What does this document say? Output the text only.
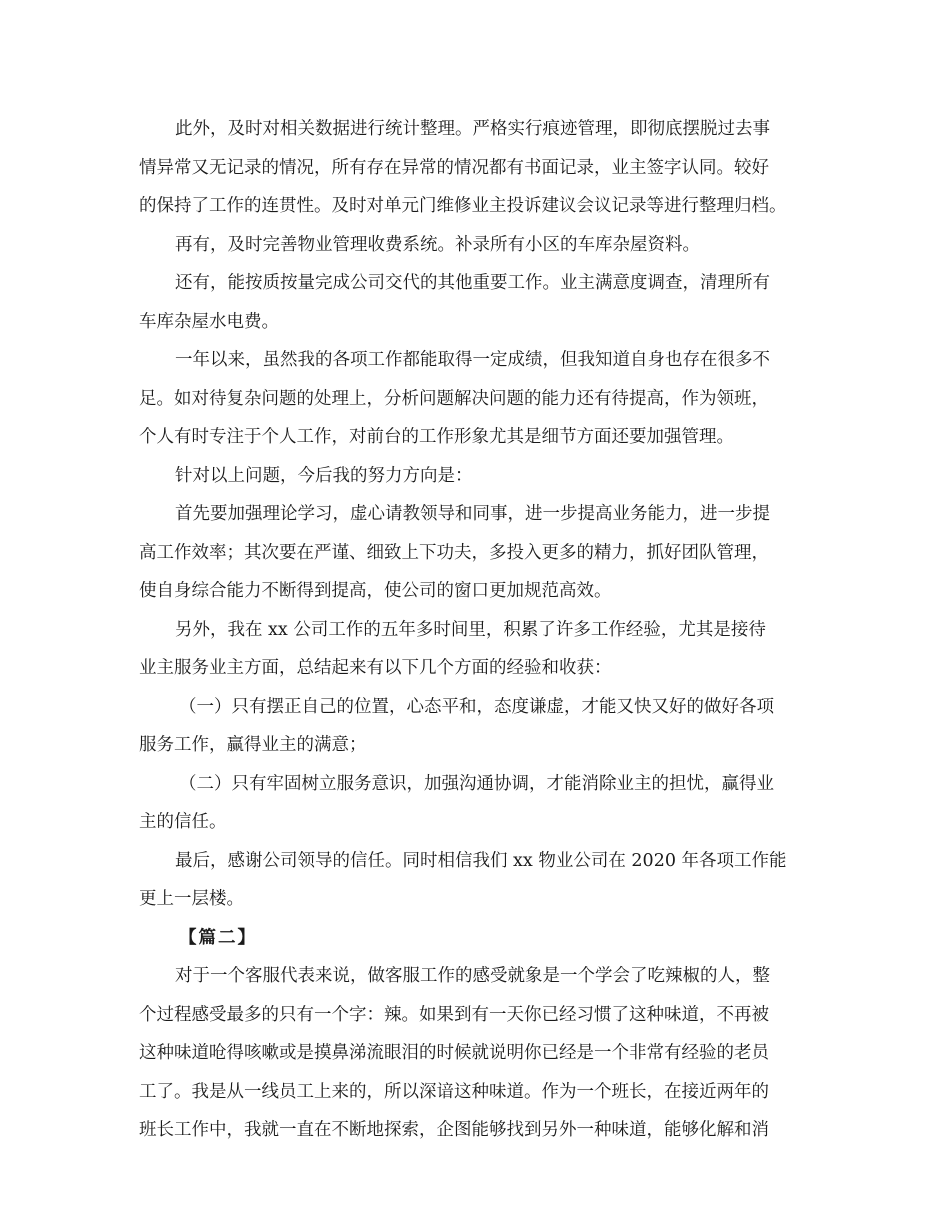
此外，及时对相关数据进行统计整理。严格实行痕迹管理，即彻底摆脱过去事
情异常又无记录的情况，所有存在异常的情况都有书面记录，业主签字认同。较好
的保持了工作的连贯性。及时对单元门维修业主投诉建议会议记录等进行整理归档。
再有，及时完善物业管理收费系统。补录所有小区的车库杂屋资料。
还有，能按质按量完成公司交代的其他重要工作。业主满意度调查，清理所有
车库杂屋水电费。
一年以来，虽然我的各项工作都能取得一定成绩，但我知道自身也存在很多不
足。如对待复杂问题的处理上，分析问题解决问题的能力还有待提高，作为领班，
个人有时专注于个人工作，对前台的工作形象尤其是细节方面还要加强管理。
针对以上问题，今后我的努力方向是：
首先要加强理论学习，虚心请教领导和同事，进一步提高业务能力，进一步提
高工作效率；其次要在严谨、细致上下功夫，多投入更多的精力，抓好团队管理，
使自身综合能力不断得到提高，使公司的窗口更加规范高效。
另外，我在 xx 公司工作的五年多时间里，积累了许多工作经验，尤其是接待
业主服务业主方面，总结起来有以下几个方面的经验和收获：
（一）只有摆正自己的位置，心态平和，态度谦虚，才能又快又好的做好各项
服务工作，赢得业主的满意；
（二）只有牢固树立服务意识，加强沟通协调，才能消除业主的担忧，赢得业
主的信任。
最后，感谢公司领导的信任。同时相信我们 xx 物业公司在 2020 年各项工作能
更上一层楼。
【篇二】
对于一个客服代表来说，做客服工作的感受就象是一个学会了吃辣椒的人，整
个过程感受最多的只有一个字：辣。如果到有一天你已经习惯了这种味道，不再被
这种味道呛得咳嗽或是摸鼻涕流眼泪的时候就说明你已经是一个非常有经验的老员
工了。我是从一线员工上来的，所以深谙这种味道。作为一个班长，在接近两年的
班长工作中，我就一直在不断地探索，企图能够找到另外一种味道，能够化解和消
